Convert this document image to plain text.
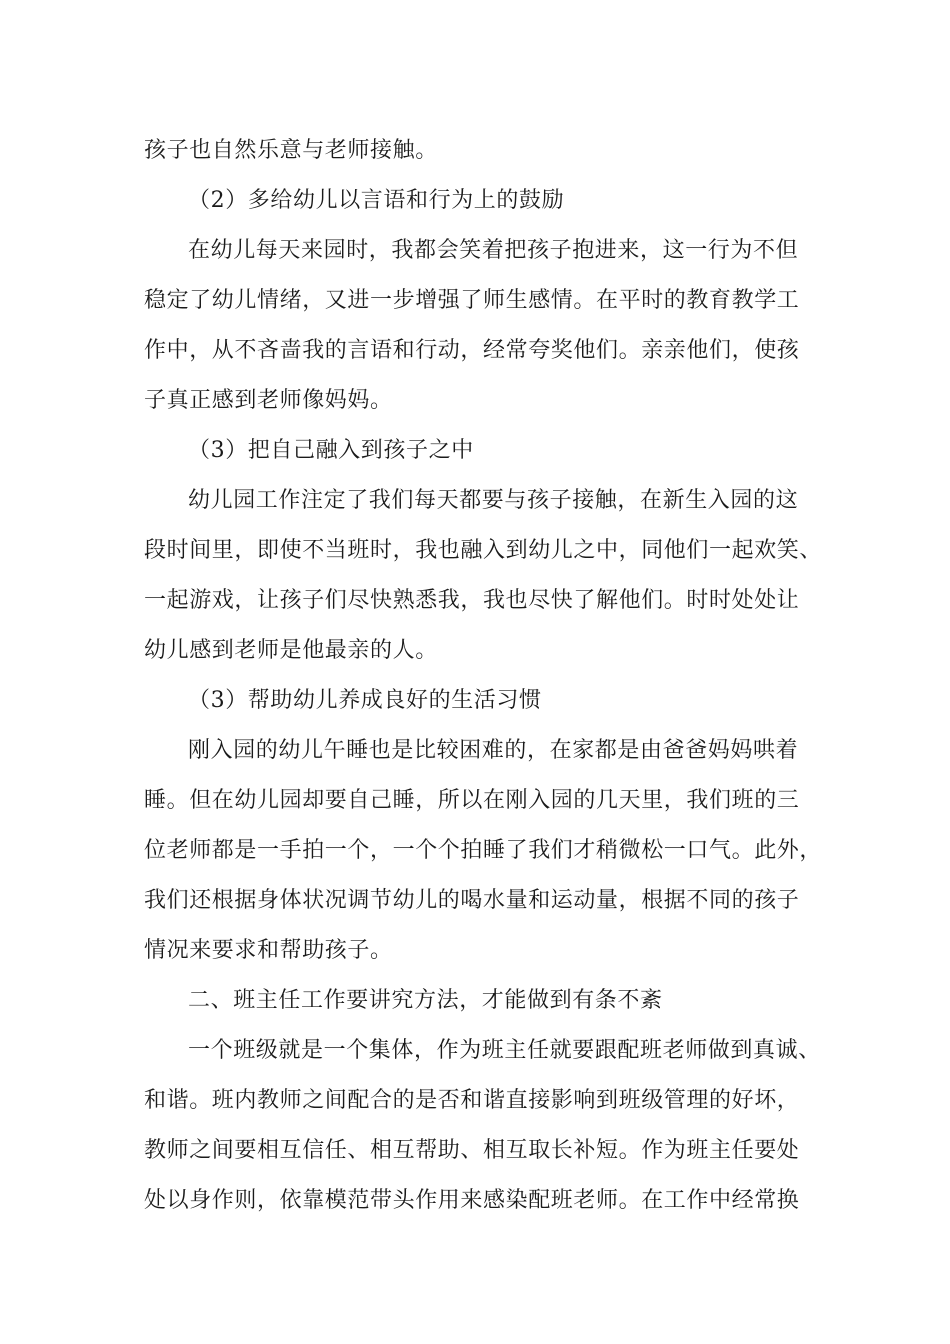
孩子也自然乐意与老师接触。
（2）多给幼儿以言语和行为上的鼓励
在幼儿每天来园时，我都会笑着把孩子抱进来，这一行为不但
稳定了幼儿情绪，又进一步增强了师生感情。在平时的教育教学工
作中，从不吝啬我的言语和行动，经常夸奖他们。亲亲他们，使孩
子真正感到老师像妈妈。
（3）把自己融入到孩子之中
幼儿园工作注定了我们每天都要与孩子接触，在新生入园的这
段时间里，即使不当班时，我也融入到幼儿之中，同他们一起欢笑、
一起游戏，让孩子们尽快熟悉我，我也尽快了解他们。时时处处让
幼儿感到老师是他最亲的人。
（3）帮助幼儿养成良好的生活习惯
刚入园的幼儿午睡也是比较困难的，在家都是由爸爸妈妈哄着
睡。但在幼儿园却要自己睡，所以在刚入园的几天里，我们班的三
位老师都是一手拍一个，一个个拍睡了我们才稍微松一口气。此外，
我们还根据身体状况调节幼儿的喝水量和运动量，根据不同的孩子
情况来要求和帮助孩子。
二、班主任工作要讲究方法，才能做到有条不紊
一个班级就是一个集体，作为班主任就要跟配班老师做到真诚、
和谐。班内教师之间配合的是否和谐直接影响到班级管理的好坏，
教师之间要相互信任、相互帮助、相互取长补短。作为班主任要处
处以身作则，依靠模范带头作用来感染配班老师。在工作中经常换
